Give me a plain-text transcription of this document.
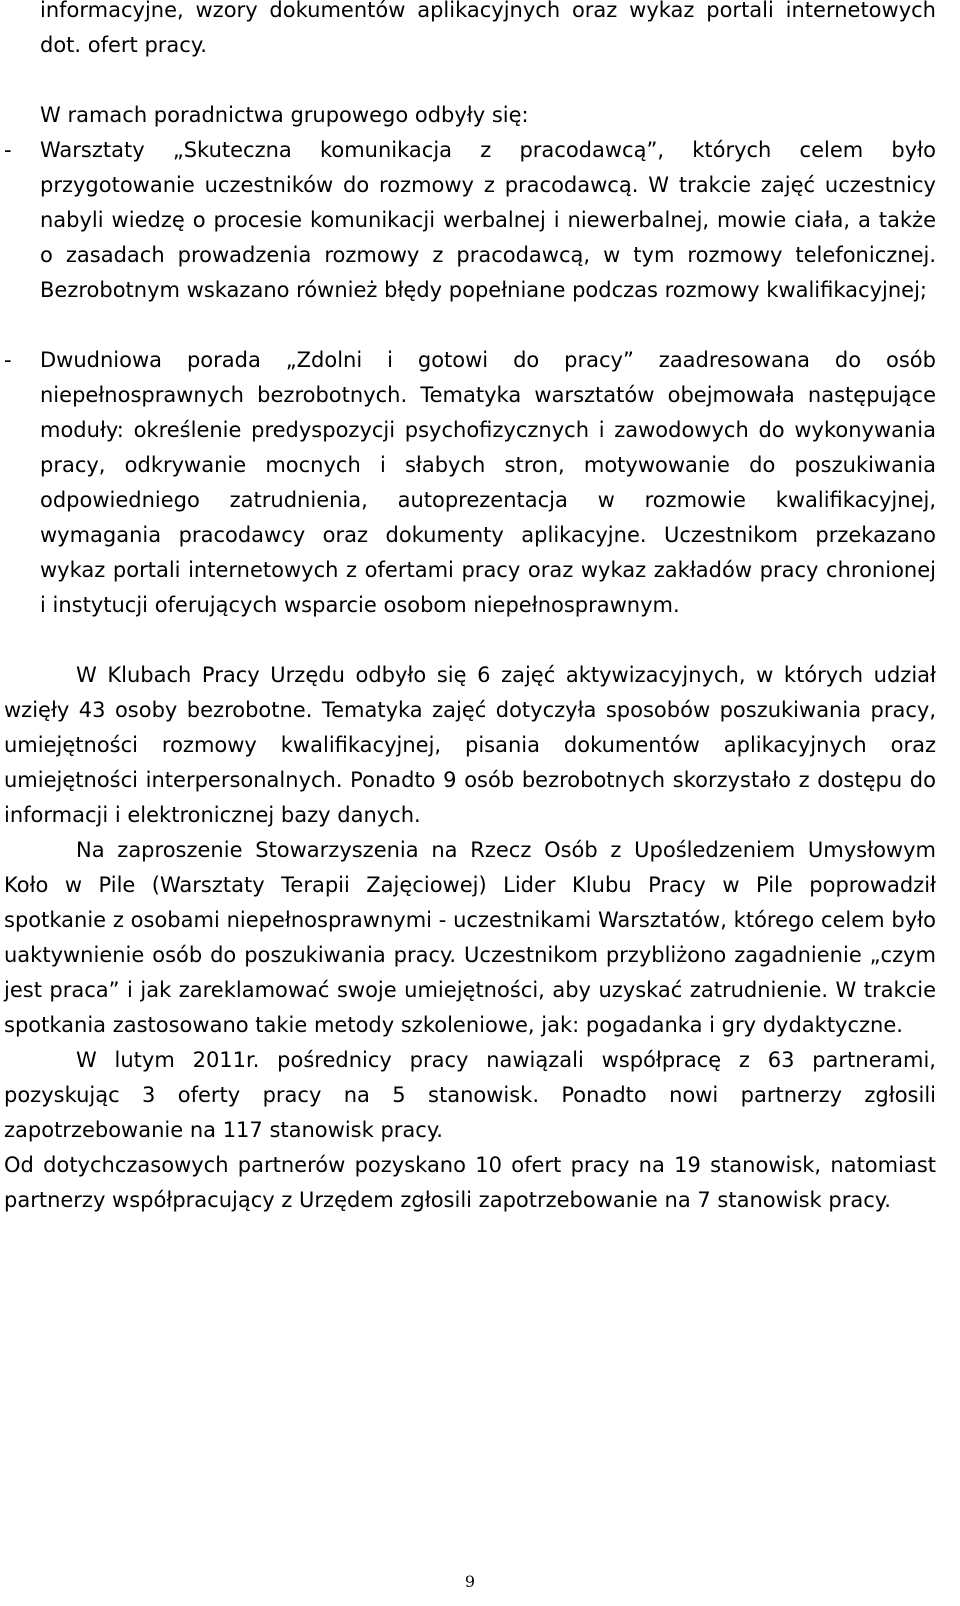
informacyjne, wzory dokumentów aplikacyjnych oraz wykaz portali internetowych dot. ofert pracy.

W ramach poradnictwa grupowego odbyły się:

- Warsztaty „Skuteczna komunikacja z pracodawcą”, których celem było przygotowanie uczestników do rozmowy z pracodawcą. W trakcie zajęć uczestnicy nabyli wiedzę o procesie komunikacji werbalnej i niewerbalnej, mowie ciała, a także o zasadach prowadzenia rozmowy z pracodawcą, w tym rozmowy telefonicznej. Bezrobotnym wskazano również błędy popełniane podczas rozmowy kwalifikacyjnej;

- Dwudniowa porada „Zdolni i gotowi do pracy” zaadresowana do osób niepełnosprawnych bezrobotnych. Tematyka warsztatów obejmowała następujące moduły: określenie predyspozycji psychofizycznych i zawodowych do wykonywania pracy, odkrywanie mocnych i słabych stron, motywowanie do poszukiwania odpowiedniego zatrudnienia, autoprezentacja w rozmowie kwalifikacyjnej, wymagania pracodawcy oraz dokumenty aplikacyjne. Uczestnikom przekazano wykaz portali internetowych z ofertami pracy oraz wykaz zakładów pracy chronionej i instytucji oferujących wsparcie osobom niepełnosprawnym.

W Klubach Pracy Urzędu odbyło się 6 zajęć aktywizacyjnych, w których udział wzięły 43 osoby bezrobotne. Tematyka zajęć dotyczyła sposobów poszukiwania pracy, umiejętności rozmowy kwalifikacyjnej, pisania dokumentów aplikacyjnych oraz umiejętności interpersonalnych. Ponadto 9 osób bezrobotnych skorzystało z dostępu do informacji i elektronicznej bazy danych.

Na zaproszenie Stowarzyszenia na Rzecz Osób z Upośledzeniem Umysłowym Koło w Pile (Warsztaty Terapii Zajęciowej) Lider Klubu Pracy w Pile poprowadził spotkanie z osobami niepełnosprawnymi - uczestnikami Warsztatów, którego celem było uaktywnienie osób do poszukiwania pracy. Uczestnikom przybliżono zagadnienie „czym jest praca” i jak zareklamować swoje umiejętności, aby uzyskać zatrudnienie. W trakcie spotkania zastosowano takie metody szkoleniowe, jak: pogadanka i gry dydaktyczne.

W lutym 2011r. pośrednicy pracy nawiązali współpracę z 63 partnerami, pozyskując 3 oferty pracy na 5 stanowisk. Ponadto nowi partnerzy zgłosili zapotrzebowanie na 117 stanowisk pracy.

Od dotychczasowych partnerów pozyskano 10 ofert pracy na 19 stanowisk, natomiast partnerzy współpracujący z Urzędem zgłosili zapotrzebowanie na 7 stanowisk pracy.

9
